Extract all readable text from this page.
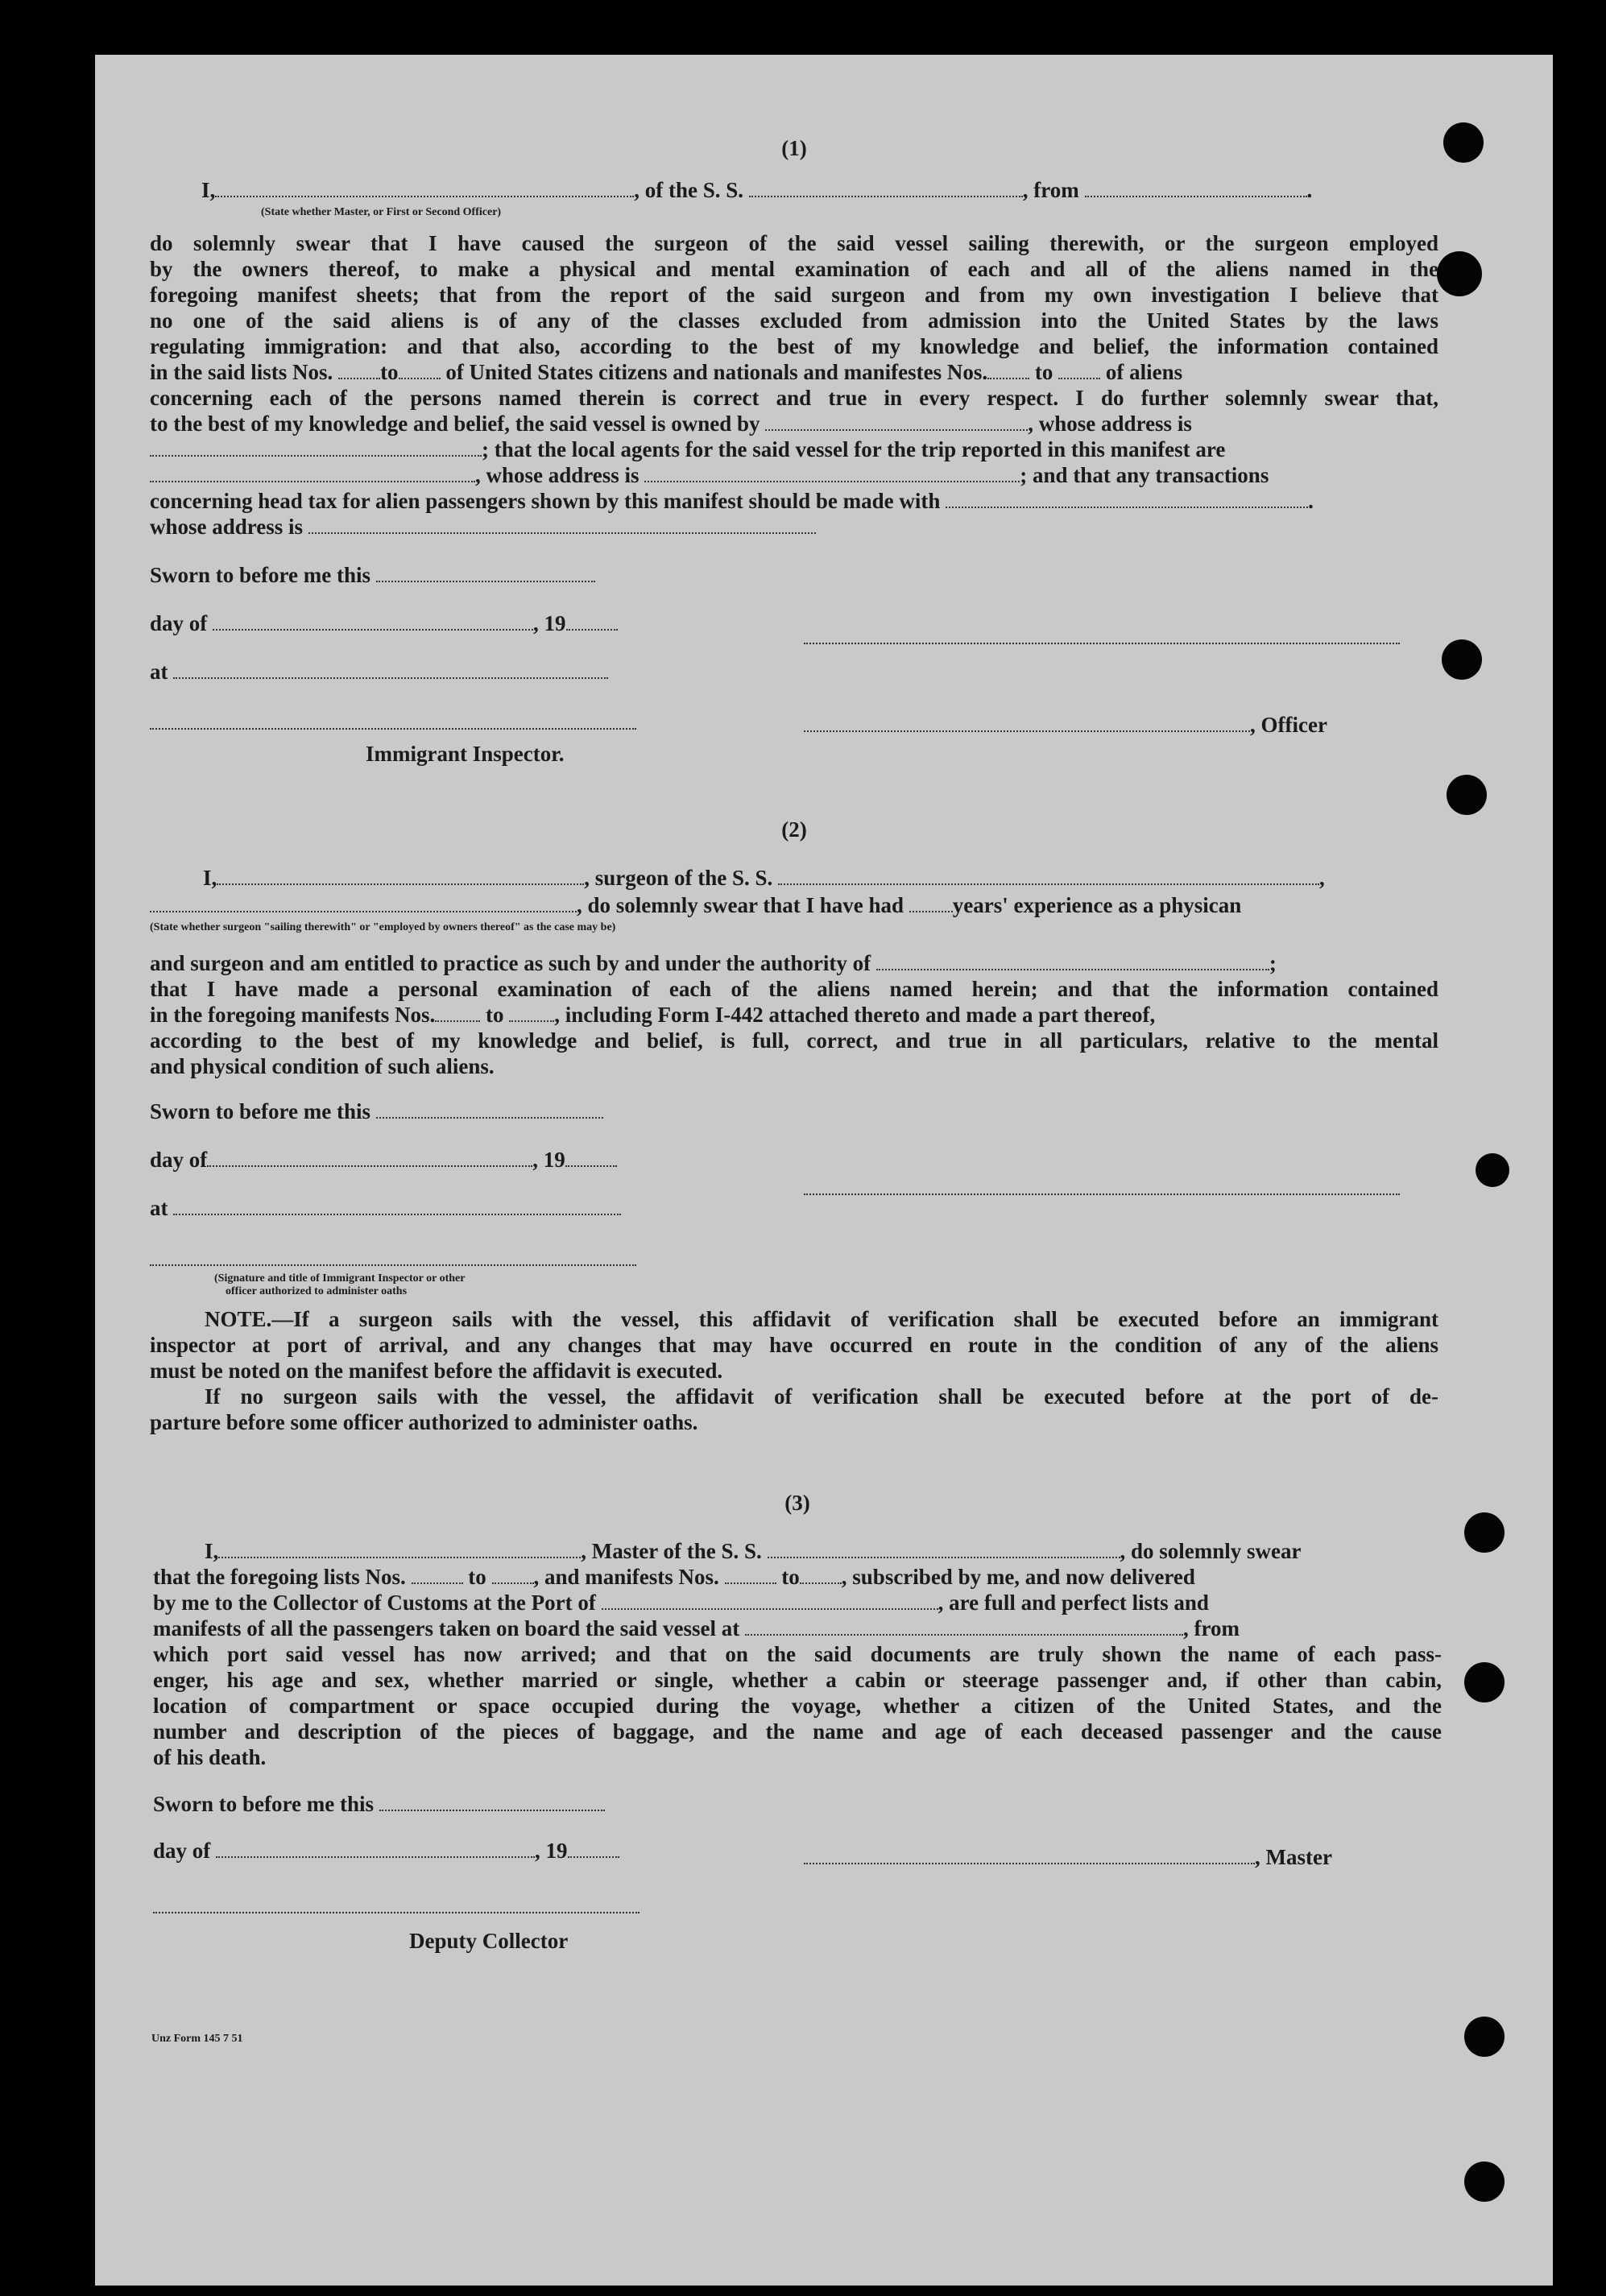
(1)
I,	, of the S. S.	, from	.
(State whether Master, or First or Second Officer)
do solemnly swear that I have caused the surgeon of the said vessel sailing therewith, or the surgeon employed
by the owners thereof, to make a physical and mental examination of each and all of the aliens named in the
foregoing manifest sheets; that from the report of the said surgeon and from my own investigation I believe that
no one of the said aliens is of any of the classes excluded from admission into the United States by the laws
regulating immigration: and that also, according to the best of my knowledge and belief, the information contained
in the said lists Nos. to of United States citizens and nationals and manifestes Nos. to of aliens
concerning each of the persons named therein is correct and true in every respect. I do further solemnly swear that,
to the best of my knowledge and belief, the said vessel is owned by	, whose address is
; that the local agents for the said vessel for the trip reported in this manifest are
, whose address is	; and that any transactions
concerning head tax for alien passengers shown by this manifest should be made with	.
whose address is
Sworn to before me this
day of	, 19
at
Immigrant Inspector.
, Officer
(2)
I,	, surgeon of the S. S.	,
, do solemnly swear that I have had years' experience as a physican
(State whether surgeon "sailing therewith" or "employed by owners thereof" as the case may be)
and surgeon and am entitled to practice as such by and under the authority of	;
that I have made a personal examination of each of the aliens named herein; and that the information contained
in the foregoing manifests Nos. to , including Form I-442 attached thereto and made a part thereof,
according to the best of my knowledge and belief, is full, correct, and true in all particulars, relative to the mental
and physical condition of such aliens.
Sworn to before me this
day of	, 19
at
(Signature and title of Immigrant Inspector or other
officer authorized to administer oaths
NOTE.—If a surgeon sails with the vessel, this affidavit of verification shall be executed before an immigrant
inspector at port of arrival, and any changes that may have occurred en route in the condition of any of the aliens
must be noted on the manifest before the affidavit is executed.
If no surgeon sails with the vessel, the affidavit of verification shall be executed before at the port of de-
parture before some officer authorized to administer oaths.
(3)
I,	, Master of the S. S.	, do solemnly swear
that the foregoing lists Nos.	to , and manifests Nos.	to , subscribed by me, and now delivered
by me to the Collector of Customs at the Port of	, are full and perfect lists and
manifests of all the passengers taken on board the said vessel at	, from
which port said vessel has now arrived; and that on the said documents are truly shown the name of each pass-
enger, his age and sex, whether married or single, whether a cabin or steerage passenger and, if other than cabin,
location of compartment or space occupied during the voyage, whether a citizen of the United States, and the
number and description of the pieces of baggage, and the name and age of each deceased passenger and the cause
of his death.
Sworn to before me this
day of	, 19	, Master
Deputy Collector
Unz Form 145 7 51
